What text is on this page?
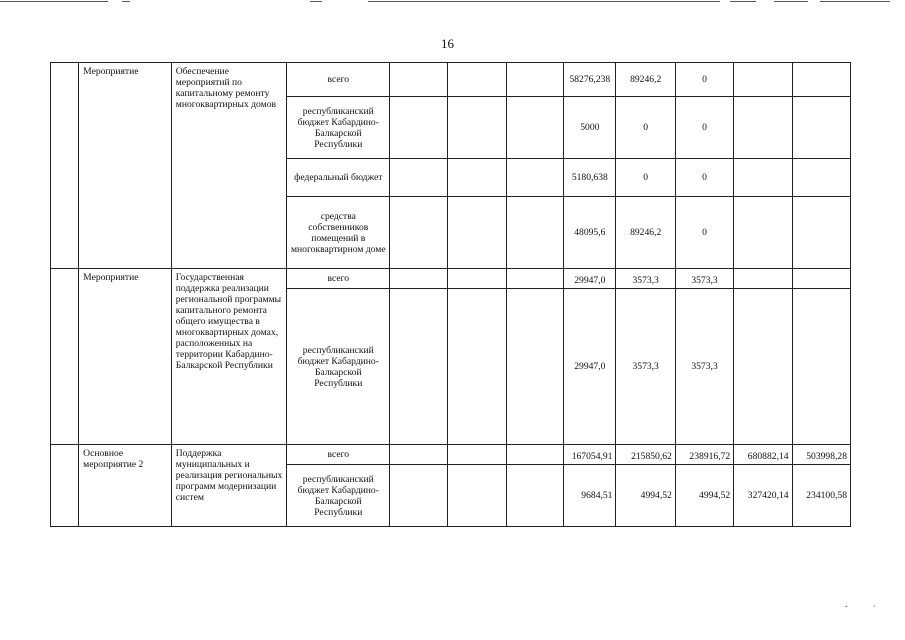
16
	Мероприятие	Обеспечение мероприятий по капитальному ремонту многоквартирных домов	всего				58276,238	89246,2	0		
			республиканский бюджет Кабардино-Балкарской Республики				5000	0	0		
			федеральный бюджет				5180,638	0	0		
			средства собственников помещений в многоквартирном доме				48095,6	89246,2	0		
	Мероприятие	Государственная поддержка реализации региональной программы капитального ремонта общего имущества в многоквартирных домах, расположенных на территории Кабардино-Балкарской Республики	всего				29947,0	3573,3	3573,3		
			республиканский бюджет Кабардино-Балкарской Республики				29947,0	3573,3	3573,3		
	Основное мероприятие 2	Поддержка муниципальных и реализация региональных программ модернизации систем	всего				167054,91	215850,62	238916,72	680882,14	503998,28
			республиканский бюджет Кабардино-Балкарской Республики				9684,51	4994,52	4994,52	327420,14	234100,58
*	°
